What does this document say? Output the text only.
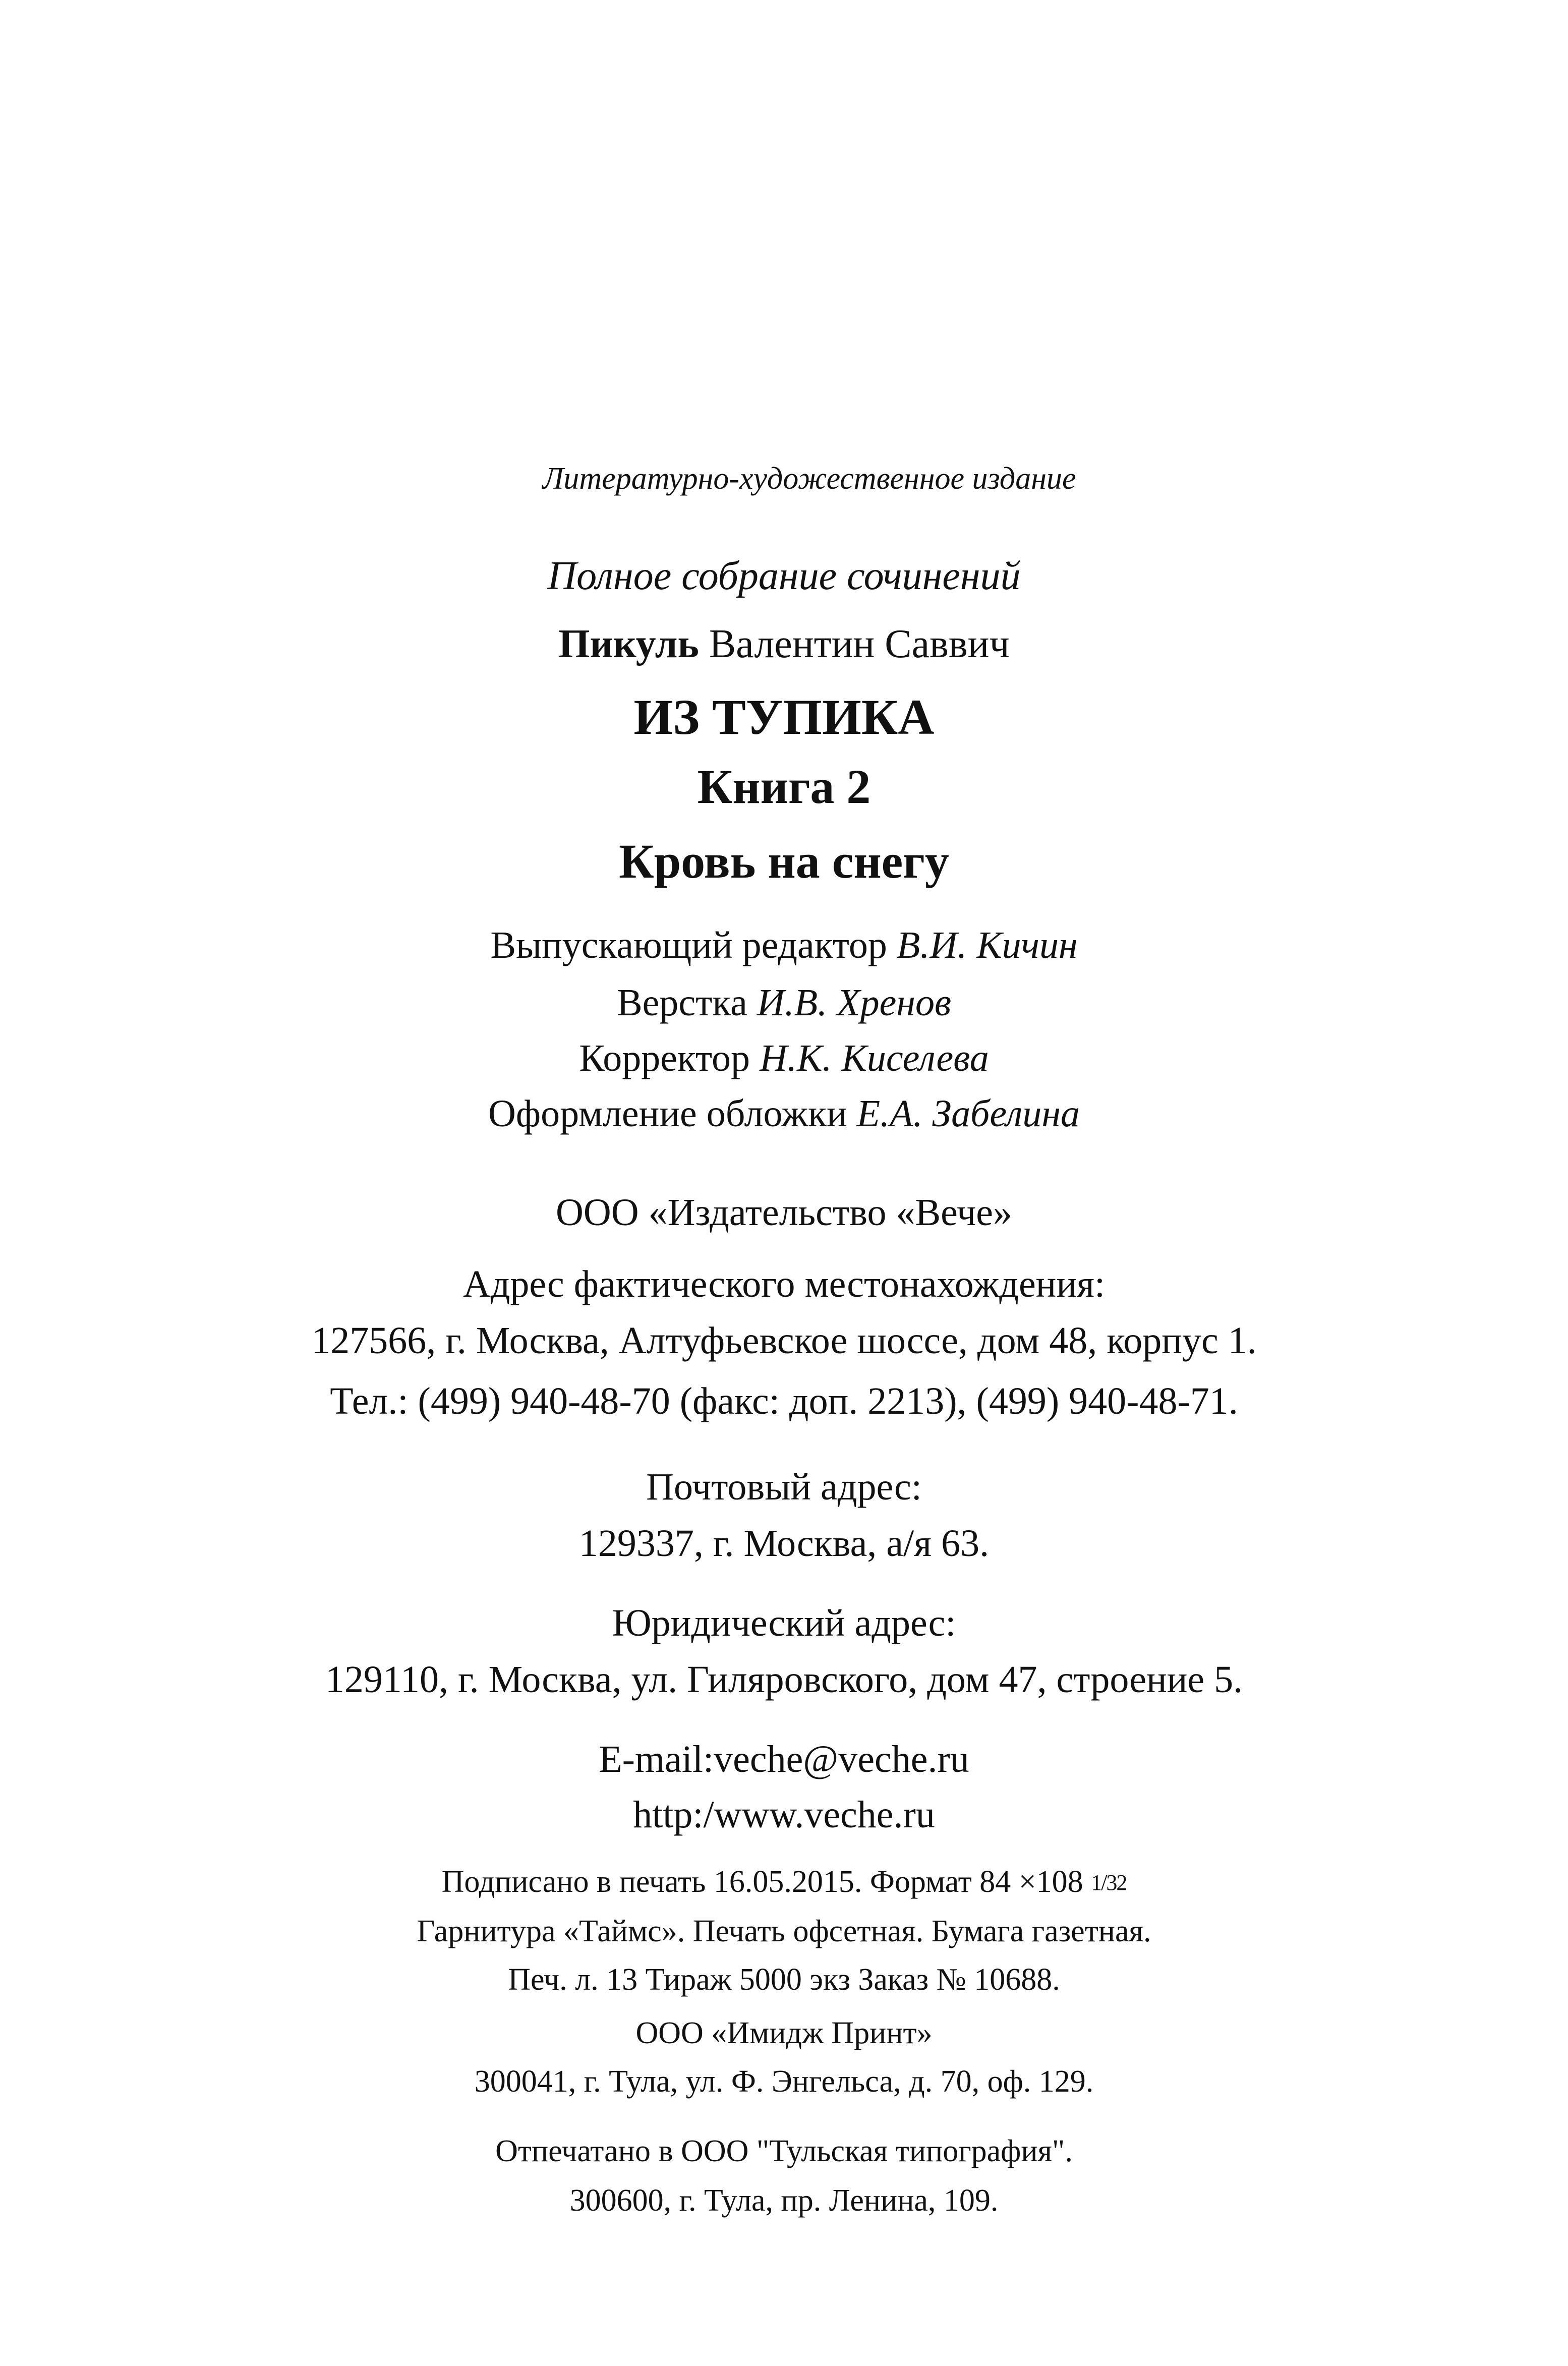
Литературно-художественное издание
Полное собрание сочинений
Пикуль Валентин Саввич
ИЗ ТУПИКА
Книга 2
Кровь на снегу
Выпускающий редактор В.И. Кичин
Верстка И.В. Хренов
Корректор Н.К. Киселева
Оформление обложки Е.А. Забелина
ООО «Издательство «Вече»
Адрес фактического местонахождения:
127566, г. Москва, Алтуфьевское шоссе, дом 48, корпус 1.
Тел.: (499) 940-48-70 (факс: доп. 2213), (499) 940-48-71.
Почтовый адрес:
129337, г. Москва, а/я 63.
Юридический адрес:
129110, г. Москва, ул. Гиляровского, дом 47, строение 5.
E-mail:veche@veche.ru
http:/www.veche.ru
Подписано в печать 16.05.2015. Формат 84 ×108 1/32
Гарнитура «Таймс». Печать офсетная. Бумага газетная.
Печ. л. 13 Тираж 5000 экз Заказ № 10688.
ООО «Имидж Принт»
300041, г. Тула, ул. Ф. Энгельса, д. 70, оф. 129.
Отпечатано в ООО "Тульская типография".
300600, г. Тула, пр. Ленина, 109.
